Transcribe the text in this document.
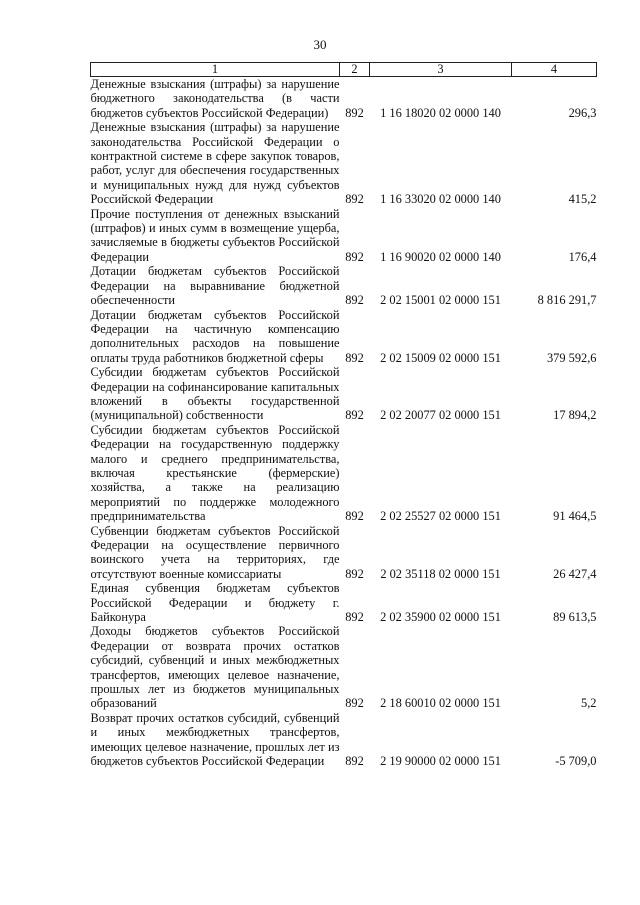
30
1	2	3	4
Денежные взыскания (штрафы) за нарушение бюджетного законодательства (в части бюджетов субъектов Российской Федерации)	892	1 16 18020 02 0000 140	296,3
Денежные взыскания (штрафы) за нарушение законодательства Российской Федерации о контрактной системе в сфере закупок товаров, работ, услуг для обеспечения государственных и муниципальных нужд для нужд субъектов Российской Федерации	892	1 16 33020 02 0000 140	415,2
Прочие поступления от денежных взысканий (штрафов) и иных сумм в возмещение ущерба, зачисляемые в бюджеты субъектов Российской Федерации	892	1 16 90020 02 0000 140	176,4
Дотации бюджетам субъектов Российской Федерации на выравнивание бюджетной обеспеченности	892	2 02 15001 02 0000 151	8 816 291,7
Дотации бюджетам субъектов Российской Федерации на частичную компенсацию дополнительных расходов на повышение оплаты труда работников бюджетной сферы	892	2 02 15009 02 0000 151	379 592,6
Субсидии бюджетам субъектов Российской Федерации на софинансирование капитальных вложений в объекты государственной (муниципальной) собственности	892	2 02 20077 02 0000 151	17 894,2
Субсидии бюджетам субъектов Российской Федерации на государственную поддержку малого и среднего предпринимательства, включая крестьянские (фермерские) хозяйства, а также на реализацию мероприятий по поддержке молодежного предпринимательства	892	2 02 25527 02 0000 151	91 464,5
Субвенции бюджетам субъектов Российской Федерации на осуществление первичного воинского учета на территориях, где отсутствуют военные комиссариаты	892	2 02 35118 02 0000 151	26 427,4
Единая субвенция бюджетам субъектов Российской Федерации и бюджету г. Байконура	892	2 02 35900 02 0000 151	89 613,5
Доходы бюджетов субъектов Российской Федерации от возврата прочих остатков субсидий, субвенций и иных межбюджетных трансфертов, имеющих целевое назначение, прошлых лет из бюджетов муниципальных образований	892	2 18 60010 02 0000 151	5,2
Возврат прочих остатков субсидий, субвенций и иных межбюджетных трансфертов, имеющих целевое назначение, прошлых лет из бюджетов субъектов Российской Федерации	892	2 19 90000 02 0000 151	-5 709,0
